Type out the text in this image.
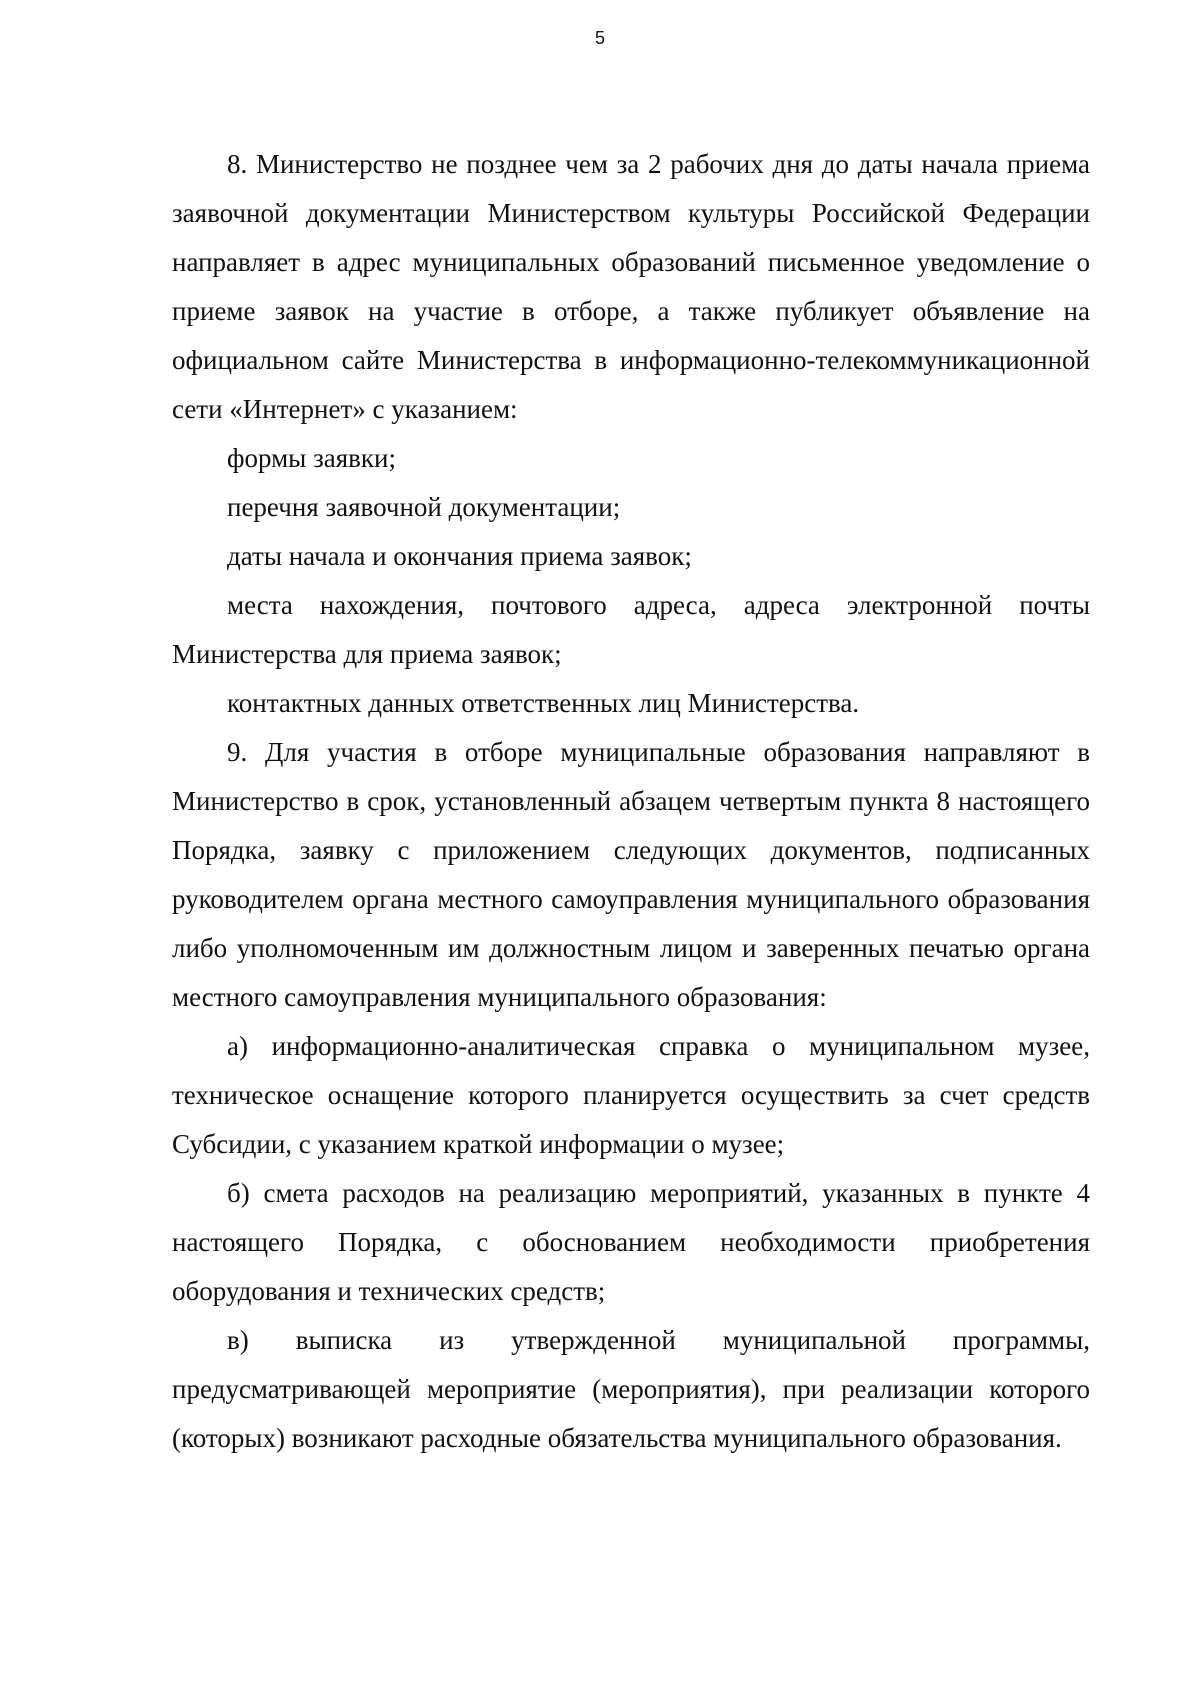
5

8. Министерство не позднее чем за 2 рабочих дня до даты начала приема заявочной документации Министерством культуры Российской Федерации направляет в адрес муниципальных образований письменное уведомление о приеме заявок на участие в отборе, а также публикует объявление на официальном сайте Министерства в информационно-телекоммуникационной сети «Интернет» с указанием:

формы заявки;

перечня заявочной документации;

даты начала и окончания приема заявок;

места нахождения, почтового адреса, адреса электронной почты Министерства для приема заявок;

контактных данных ответственных лиц Министерства.

9. Для участия в отборе муниципальные образования направляют в Министерство в срок, установленный абзацем четвертым пункта 8 настоящего Порядка, заявку с приложением следующих документов, подписанных руководителем органа местного самоуправления муниципального образования либо уполномоченным им должностным лицом и заверенных печатью органа местного самоуправления муниципального образования:

а) информационно-аналитическая справка о муниципальном музее, техническое оснащение которого планируется осуществить за счет средств Субсидии, с указанием краткой информации о музее;

б) смета расходов на реализацию мероприятий, указанных в пункте 4 настоящего Порядка, с обоснованием необходимости приобретения оборудования и технических средств;

в) выписка из утвержденной муниципальной программы, предусматривающей мероприятие (мероприятия), при реализации которого (которых) возникают расходные обязательства муниципального образования.
